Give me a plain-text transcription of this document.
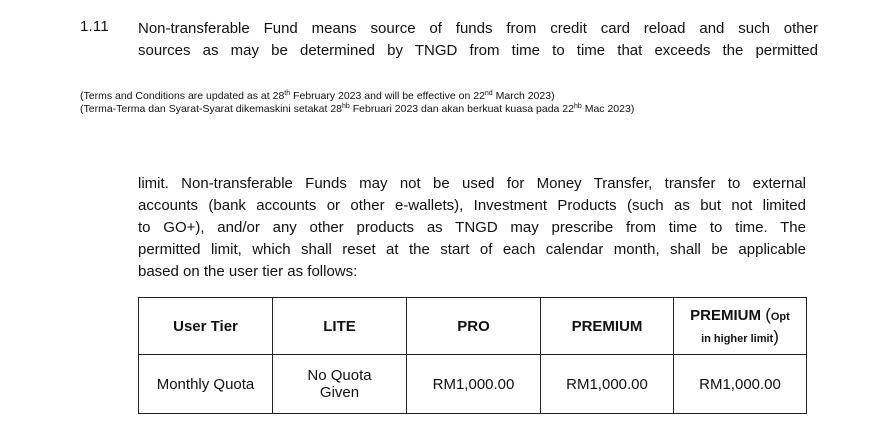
1.11 Non-transferable Fund means source of funds from credit card reload and such other
sources as may be determined by TNGD from time to time that exceeds the permitted
(Terms and Conditions are updated as at 28th February 2023 and will be effective on 22nd March 2023)
(Terma-Terma dan Syarat-Syarat dikemaskini setakat $28^{hb}$ Februari 2023 dan akan berkuat kuasa pada $22^{hb}$ Mac 2023)
limit. Non-transferable Funds may not be used for Money Transfer, transfer to external
accounts (bank accounts or other e-wallets), Investment Products (such as but not limited
to GO+), and/or any other products as TNGD may prescribe from time to time. The
permitted limit, which shall reset at the start of each calendar month, shall be applicable
based on the user tier as follows:
User Tier	LITE	PRO	PREMIUM	PREMIUM (Opt
in higher limit)

Monthly Quota	No Quota
Given	RM1,000.00	RM1,000.00	RM1,000.00
